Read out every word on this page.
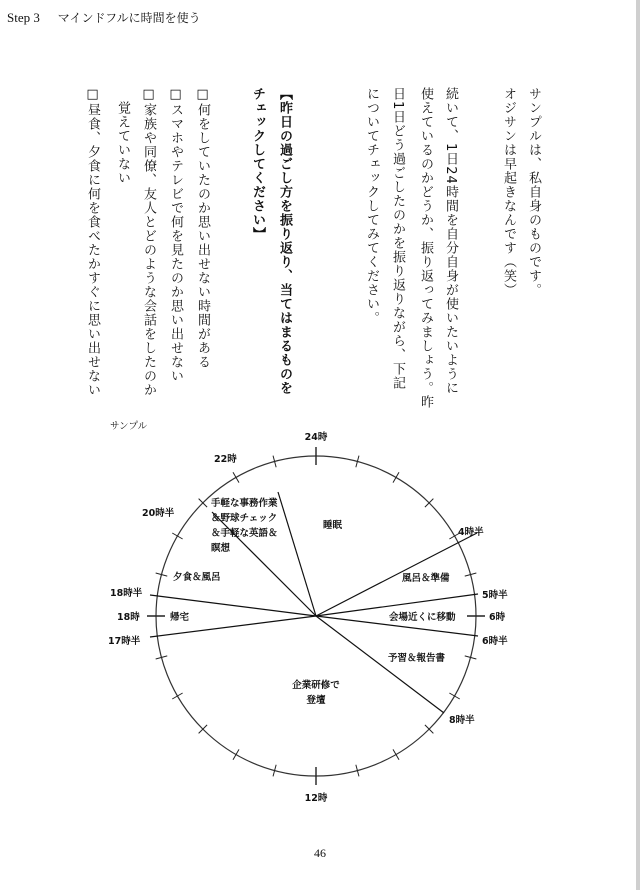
Step 3 マインドフルに時間を使う
サンプルは、私自身のものです。
オジサンは早起きなんです（笑）
続いて、1日24時間を自分自身が使いたいように
使えているのかどうか、振り返ってみましょう。昨
日1日どう過ごしたのかを振り返りながら、下記
についてチェックしてみてください。
【昨日の過ごし方を振り返り、当てはまるものを
チェックしてください】
□何をしていたのか思い出せない時間がある
□スマホやテレビで何を見たのか思い出せない
□家族や同僚、友人とどのような会話をしたのか
　覚えていない
□昼食、夕食に何を食べたかすぐに思い出せない
サンプル
24時
22時
20時半
18時半
18時
17時半
4時半
5時半
6時
6時半
8時半
12時
手軽な事務作業
＆野球チェック
＆手軽な英語＆
瞑想
睡眠
風呂＆準備
会場近くに移動
予習＆報告書
企業研修で
登壇
夕食＆風呂
帰宅
46
